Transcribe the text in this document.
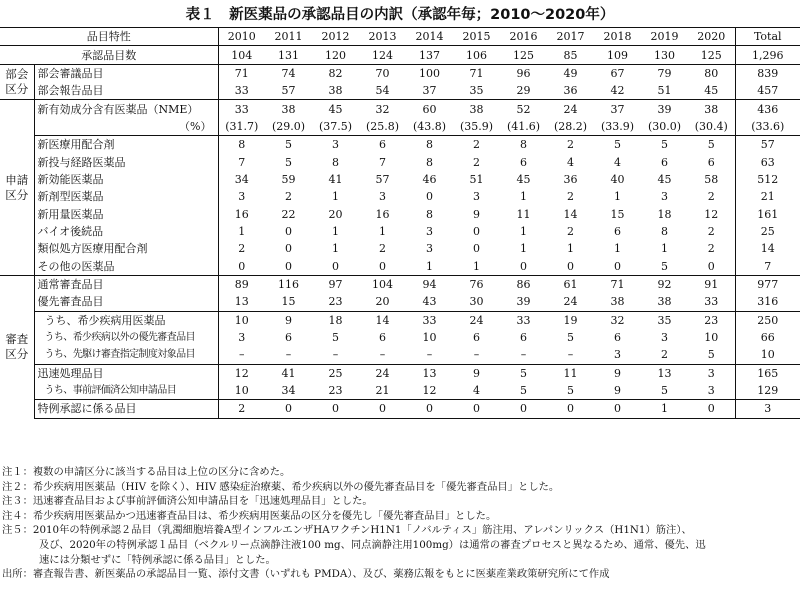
表１　新医薬品の承認品目の内訳（承認年毎；2010〜2020年）
品目特性		2010	2011	2012	2013	2014	2015	2016	2017	2018	2019	2020	Total
承認品目数		104	131	120	124	137	106	125	85	109	130	125	1,296

部会
区分	部会審議品目	71	74	82	70	100	71	96	49	67	79	80	839
	部会報告品目	33	57	38	54	37	35	29	36	42	51	45	457

申請
区分	新有効成分含有医薬品（NME）	33	38	45	32	60	38	52	24	37	39	38	436
	（%）	(31.7)	(29.0)	(37.5)	(25.8)	(43.8)	(35.9)	(41.6)	(28.2)	(33.9)	(30.0)	(30.4)	(33.6)
	新医療用配合剤	8	5	3	6	8	2	8	2	5	5	5	57
	新投与経路医薬品	7	5	8	7	8	2	6	4	4	6	6	63
	新効能医薬品	34	59	41	57	46	51	45	36	40	45	58	512
	新剤型医薬品	3	2	1	3	0	3	1	2	1	3	2	21
	新用量医薬品	16	22	20	16	8	9	11	14	15	18	12	161
	バイオ後続品	1	0	1	1	3	0	1	2	6	8	2	25
	類似処方医療用配合剤	2	0	1	2	3	0	1	1	1	1	2	14
	その他の医薬品	0	0	0	0	1	1	0	0	0	5	0	7

審査
区分	通常審査品目	89	116	97	104	94	76	86	61	71	92	91	977
	優先審査品目	13	15	23	20	43	30	39	24	38	38	33	316
	うち、希少疾病用医薬品	10	9	18	14	33	24	33	19	32	35	23	250
	うち、希少疾病以外の優先審査品目	3	6	5	6	10	6	6	5	6	3	10	66
	うち、先駆け審査指定制度対象品目	–	–	–	–	–	–	–	–	3	2	5	10
	迅速処理品目	12	41	25	24	13	9	5	11	9	13	3	165
	うち、事前評価済公知申請品目	10	34	23	21	12	4	5	5	9	5	3	129
	特例承認に係る品目	2	0	0	0	0	0	0	0	0	1	0	3
注１：複数の申請区分に該当する品目は上位の区分に含めた。
注２：希少疾病用医薬品（HIV を除く）、HIV 感染症治療薬、希少疾病以外の優先審査品目を「優先審査品目」とした。
注３：迅速審査品目および事前評価済公知申請品目を「迅速処理品目」とした。
注４：希少疾病用医薬品かつ迅速審査品目は、希少疾病用医薬品の区分を優先し「優先審査品目」とした。
注５：2010年の特例承認２品目（乳濁細胞培養A型インフルエンザHAワクチンH1N1「ノバルティス」筋注用、アレパンリックス（H1N1）筋注）、
及び、2020年の特例承認１品目（ベクルリー点滴静注液100 mg、同点滴静注用100mg）は通常の審査プロセスと異なるため、通常、優先、迅
速には分類せずに「特例承認に係る品目」とした。
出所：審査報告書、新医薬品の承認品目一覧、添付文書（いずれも PMDA）、及び、薬務広報をもとに医薬産業政策研究所にて作成
